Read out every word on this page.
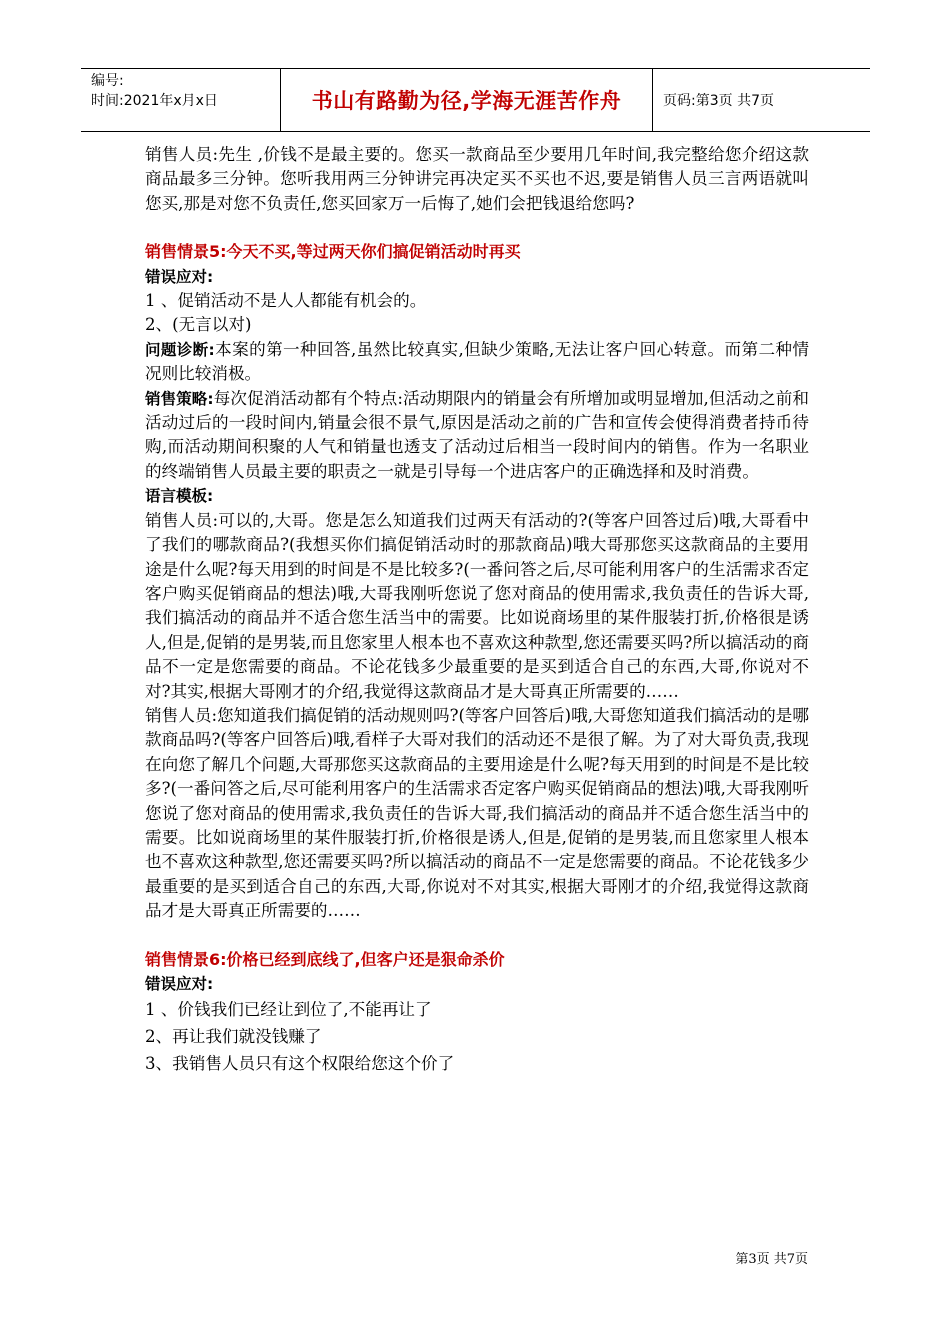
编号:
时间:2021年x月x日	书山有路勤为径,学海无涯苦作舟	页码:第3页 共7页

销售人员:先生 ,价钱不是最主要的。您买一款商品至少要用几年时间,我完整给您介绍这款商品最多三分钟。您听我用两三分钟讲完再决定买不买也不迟,要是销售人员三言两语就叫您买,那是对您不负责任,您买回家万一后悔了,她们会把钱退给您吗?

销售情景5:今天不买,等过两天你们搞促销活动时再买

错误应对:

1 、促销活动不是人人都能有机会的。

2、(无言以对)

问题诊断:本案的第一种回答,虽然比较真实,但缺少策略,无法让客户回心转意。而第二种情况则比较消极。

销售策略:每次促消活动都有个特点:活动期限内的销量会有所增加或明显增加,但活动之前和活动过后的一段时间内,销量会很不景气,原因是活动之前的广告和宣传会使得消费者持币待购,而活动期间积聚的人气和销量也透支了活动过后相当一段时间内的销售。作为一名职业的终端销售人员最主要的职责之一就是引导每一个进店客户的正确选择和及时消费。

语言模板:

销售人员:可以的,大哥。您是怎么知道我们过两天有活动的?(等客户回答过后)哦,大哥看中了我们的哪款商品?(我想买你们搞促销活动时的那款商品)哦大哥那您买这款商品的主要用途是什么呢?每天用到的时间是不是比较多?(一番问答之后,尽可能利用客户的生活需求否定客户购买促销商品的想法)哦,大哥我刚听您说了您对商品的使用需求,我负责任的告诉大哥,我们搞活动的商品并不适合您生活当中的需要。比如说商场里的某件服装打折,价格很是诱人,但是,促销的是男装,而且您家里人根本也不喜欢这种款型,您还需要买吗?所以搞活动的商品不一定是您需要的商品。不论花钱多少最重要的是买到适合自己的东西,大哥,你说对不对?其实,根据大哥刚才的介绍,我觉得这款商品才是大哥真正所需要的……

销售人员:您知道我们搞促销的活动规则吗?(等客户回答后)哦,大哥您知道我们搞活动的是哪款商品吗?(等客户回答后)哦,看样子大哥对我们的活动还不是很了解。为了对大哥负责,我现在向您了解几个问题,大哥那您买这款商品的主要用途是什么呢?每天用到的时间是不是比较多?(一番问答之后,尽可能利用客户的生活需求否定客户购买促销商品的想法)哦,大哥我刚听您说了您对商品的使用需求,我负责任的告诉大哥,我们搞活动的商品并不适合您生活当中的需要。比如说商场里的某件服装打折,价格很是诱人,但是,促销的是男装,而且您家里人根本也不喜欢这种款型,您还需要买吗?所以搞活动的商品不一定是您需要的商品。不论花钱多少最重要的是买到适合自己的东西,大哥,你说对不对其实,根据大哥刚才的介绍,我觉得这款商品才是大哥真正所需要的……

销售情景6:价格已经到底线了,但客户还是狠命杀价

错误应对:

1 、价钱我们已经让到位了,不能再让了

2、再让我们就没钱赚了

3、我销售人员只有这个权限给您这个价了

第3页 共7页
